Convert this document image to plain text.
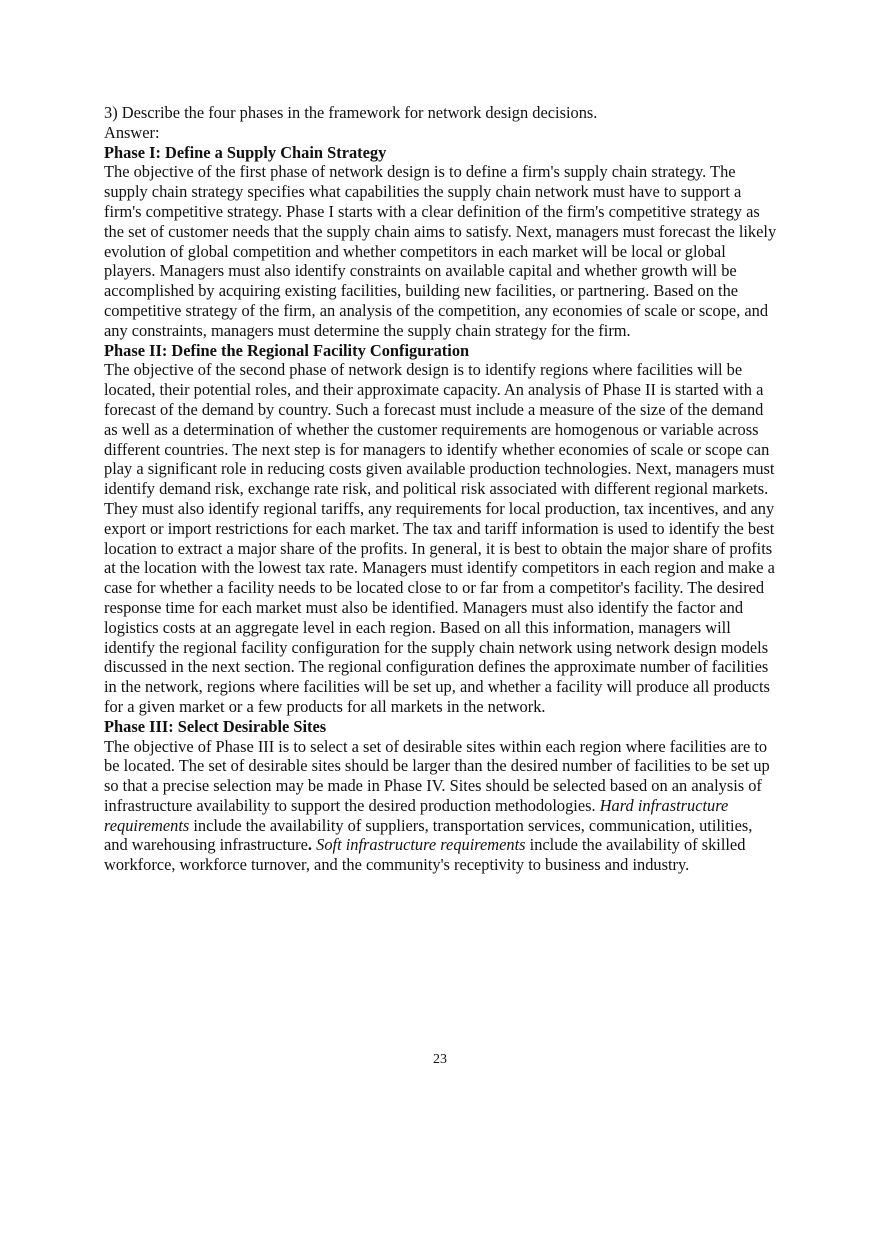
3) Describe the four phases in the framework for network design decisions.

Answer:

Phase I: Define a Supply Chain Strategy

The objective of the first phase of network design is to define a firm's supply chain strategy. The supply chain strategy specifies what capabilities the supply chain network must have to support a firm's competitive strategy. Phase I starts with a clear definition of the firm's competitive strategy as the set of customer needs that the supply chain aims to satisfy. Next, managers must forecast the likely evolution of global competition and whether competitors in each market will be local or global players. Managers must also identify constraints on available capital and whether growth will be accomplished by acquiring existing facilities, building new facilities, or partnering. Based on the competitive strategy of the firm, an analysis of the competition, any economies of scale or scope, and any constraints, managers must determine the supply chain strategy for the firm.

Phase II: Define the Regional Facility Configuration

The objective of the second phase of network design is to identify regions where facilities will be located, their potential roles, and their approximate capacity. An analysis of Phase II is started with a forecast of the demand by country. Such a forecast must include a measure of the size of the demand as well as a determination of whether the customer requirements are homogenous or variable across different countries. The next step is for managers to identify whether economies of scale or scope can play a significant role in reducing costs given available production technologies. Next, managers must identify demand risk, exchange rate risk, and political risk associated with different regional markets. They must also identify regional tariffs, any requirements for local production, tax incentives, and any export or import restrictions for each market. The tax and tariff information is used to identify the best location to extract a major share of the profits. In general, it is best to obtain the major share of profits at the location with the lowest tax rate. Managers must identify competitors in each region and make a case for whether a facility needs to be located close to or far from a competitor's facility. The desired response time for each market must also be identified. Managers must also identify the factor and logistics costs at an aggregate level in each region. Based on all this information, managers will identify the regional facility configuration for the supply chain network using network design models discussed in the next section. The regional configuration defines the approximate number of facilities in the network, regions where facilities will be set up, and whether a facility will produce all products for a given market or a few products for all markets in the network.

Phase III: Select Desirable Sites

The objective of Phase III is to select a set of desirable sites within each region where facilities are to be located. The set of desirable sites should be larger than the desired number of facilities to be set up so that a precise selection may be made in Phase IV. Sites should be selected based on an analysis of infrastructure availability to support the desired production methodologies. Hard infrastructure requirements include the availability of suppliers, transportation services, communication, utilities, and warehousing infrastructure. Soft infrastructure requirements include the availability of skilled workforce, workforce turnover, and the community's receptivity to business and industry.

23
